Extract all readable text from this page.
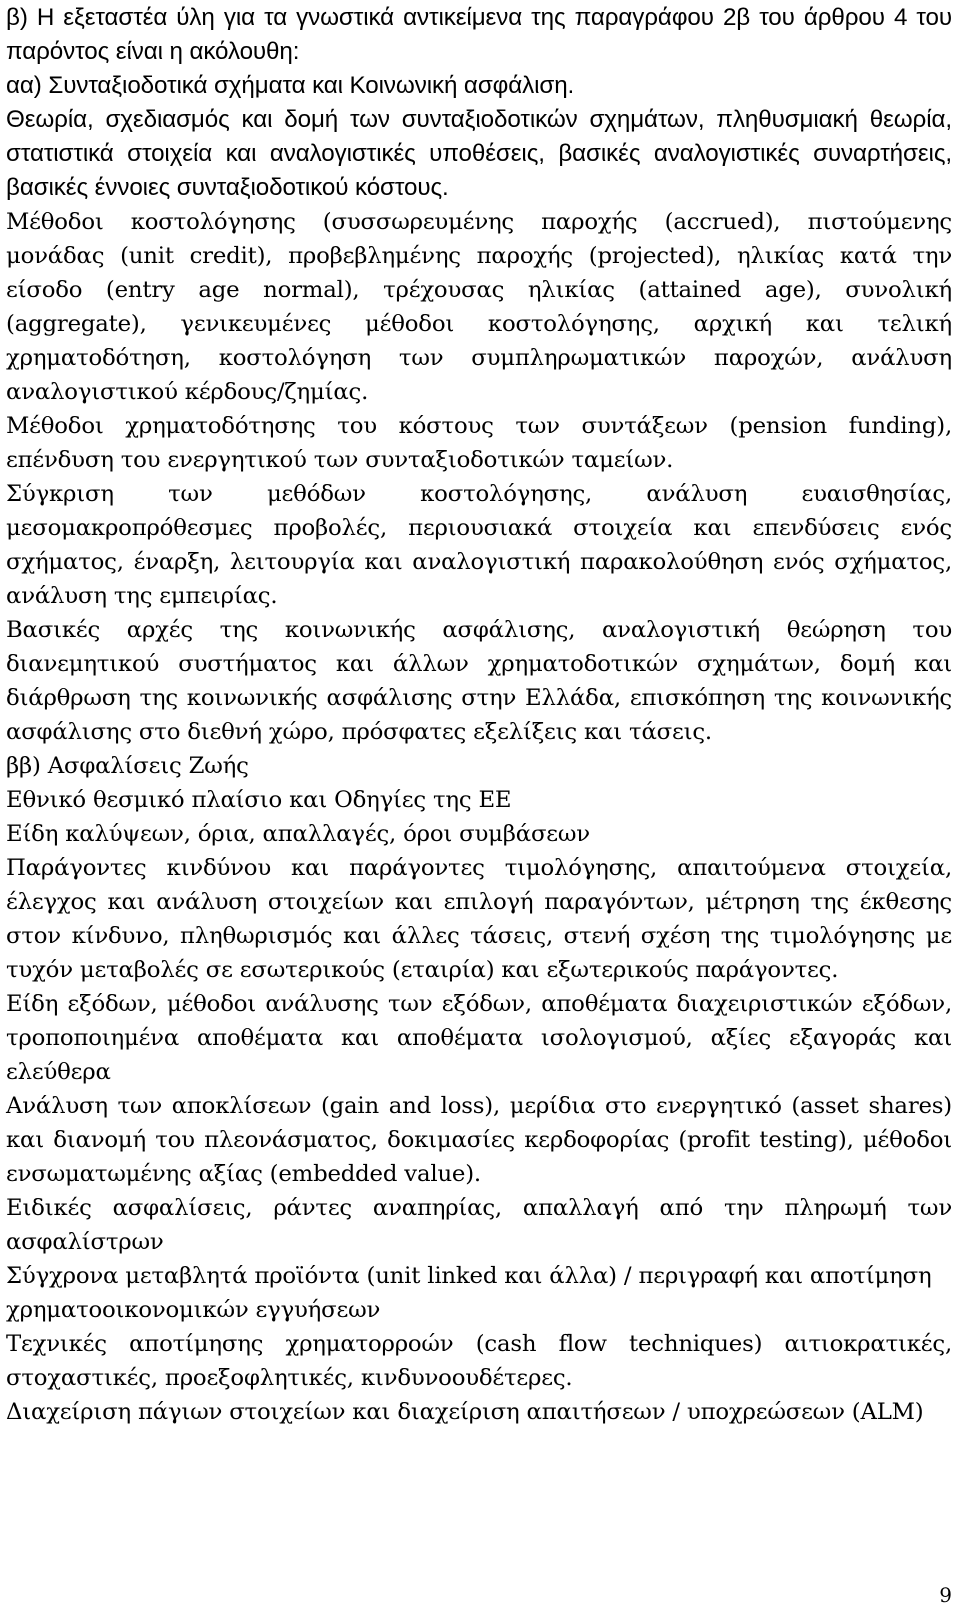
β) Η εξεταστέα ύλη για τα γνωστικά αντικείμενα της παραγράφου 2β του άρθρου 4 του παρόντος είναι η ακόλουθη:

αα) Συνταξιοδοτικά σχήματα και Κοινωνική ασφάλιση.

Θεωρία, σχεδιασμός και δομή των συνταξιοδοτικών σχημάτων, πληθυσμιακή θεωρία, στατιστικά στοιχεία και αναλογιστικές υποθέσεις, βασικές αναλογιστικές συναρτήσεις, βασικές έννοιες συνταξιοδοτικού κόστους.

Μέθοδοι κοστολόγησης (συσσωρευμένης παροχής (accrued), πιστούμενης μονάδας (unit credit), προβεβλημένης παροχής (projected), ηλικίας κατά την είσοδο (entry age normal), τρέχουσας ηλικίας (attained age), συνολική (aggregate), γενικευμένες μέθοδοι κοστολόγησης, αρχική και τελική χρηματοδότηση, κοστολόγηση των συμπληρωματικών παροχών, ανάλυση αναλογιστικού κέρδους/ζημίας.

Μέθοδοι χρηματοδότησης του κόστους των συντάξεων (pension funding), επένδυση του ενεργητικού των συνταξιοδοτικών ταμείων.

Σύγκριση των μεθόδων κοστολόγησης, ανάλυση ευαισθησίας, μεσομακροπρόθεσμες προβολές, περιουσιακά στοιχεία και επενδύσεις ενός σχήματος, έναρξη, λειτουργία και αναλογιστική παρακολούθηση ενός σχήματος, ανάλυση της εμπειρίας.

Βασικές αρχές της κοινωνικής ασφάλισης, αναλογιστική θεώρηση του διανεμητικού συστήματος και άλλων χρηματοδοτικών σχημάτων, δομή και διάρθρωση της κοινωνικής ασφάλισης στην Ελλάδα, επισκόπηση της κοινωνικής ασφάλισης στο διεθνή χώρο, πρόσφατες εξελίξεις και τάσεις.

ββ) Ασφαλίσεις Ζωής

Εθνικό θεσμικό πλαίσιο και Οδηγίες της ΕΕ

Είδη καλύψεων, όρια, απαλλαγές, όροι συμβάσεων

Παράγοντες κινδύνου και παράγοντες τιμολόγησης, απαιτούμενα στοιχεία, έλεγχος και ανάλυση στοιχείων και επιλογή παραγόντων, μέτρηση της έκθεσης στον κίνδυνο, πληθωρισμός και άλλες τάσεις, στενή σχέση της τιμολόγησης με τυχόν μεταβολές σε εσωτερικούς (εταιρία) και εξωτερικούς παράγοντες.

Είδη εξόδων, μέθοδοι ανάλυσης των εξόδων, αποθέματα διαχειριστικών εξόδων, τροποποιημένα αποθέματα και αποθέματα ισολογισμού, αξίες εξαγοράς και ελεύθερα

Ανάλυση των αποκλίσεων (gain and loss), μερίδια στο ενεργητικό (asset shares) και διανομή του πλεονάσματος, δοκιμασίες κερδοφορίας (profit testing), μέθοδοι ενσωματωμένης αξίας (embedded value).

Ειδικές ασφαλίσεις, ράντες αναπηρίας, απαλλαγή από την πληρωμή των ασφαλίστρων

Σύγχρονα μεταβλητά προϊόντα (unit linked και άλλα) / περιγραφή και αποτίμηση

χρηματοοικονομικών εγγυήσεων

Τεχνικές αποτίμησης χρηματορροών (cash flow techniques) αιτιοκρατικές, στοχαστικές, προεξοφλητικές, κινδυνοουδέτερες.

Διαχείριση πάγιων στοιχείων και διαχείριση απαιτήσεων / υποχρεώσεων (ALM)

9
